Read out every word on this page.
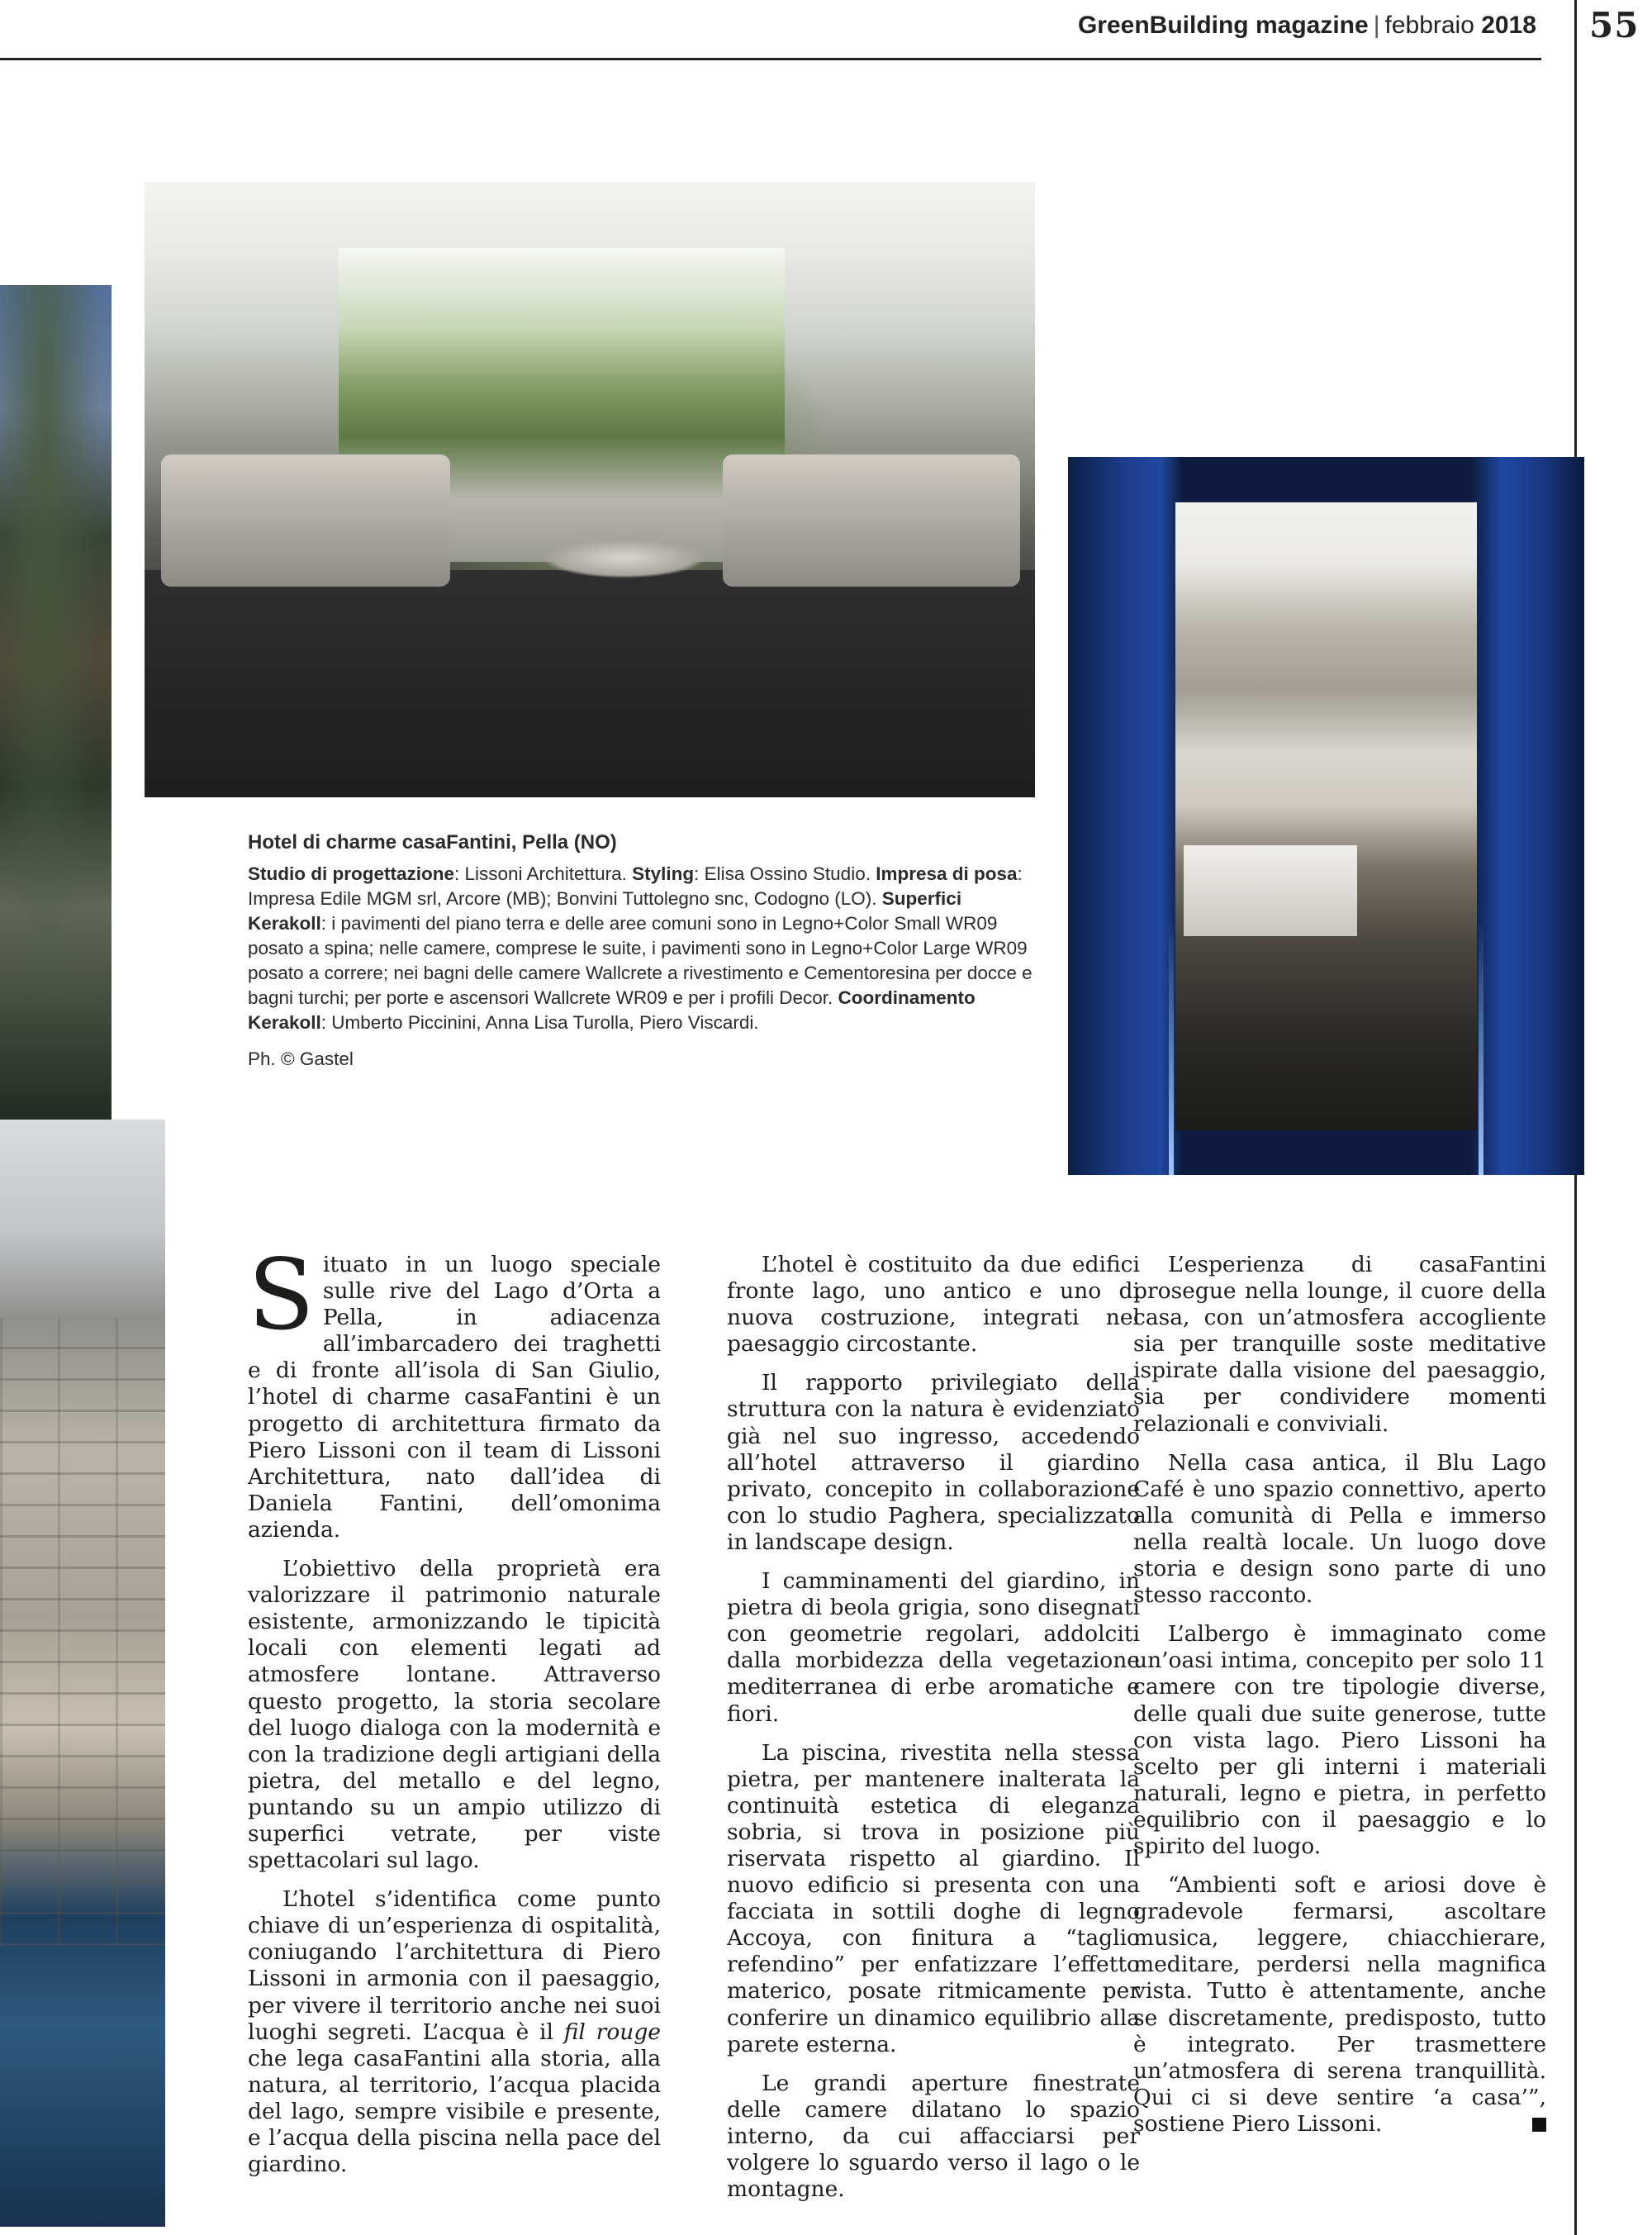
GreenBuilding magazine | febbraio 2018 55
Hotel di charme casaFantini, Pella (NO)
Studio di progettazione: Lissoni Architettura. Styling: Elisa Ossino Studio. Impresa di posa: Impresa Edile MGM srl, Arcore (MB); Bonvini Tuttolegno snc, Codogno (LO). Superfici Kerakoll: i pavimenti del piano terra e delle aree comuni sono in Legno+Color Small WR09 posato a spina; nelle camere, comprese le suite, i pavimenti sono in Legno+Color Large WR09 posato a correre; nei bagni delle camere Wallcrete a rivestimento e Cementoresina per docce e bagni turchi; per porte e ascensori Wallcrete WR09 e per i profili Decor. Coordinamento Kerakoll: Umberto Piccinini, Anna Lisa Turolla, Piero Viscardi.
Ph. © Gastel

Situato in un luogo speciale sulle rive del Lago d’Orta a Pella, in adiacenza all’imbarcadero dei traghetti e di fronte all’isola di San Giulio, l’hotel di charme casaFantini è un progetto di architettura firmato da Piero Lissoni con il team di Lissoni Architettura, nato dall’idea di Daniela Fantini, dell’omonima azienda.

L’obiettivo della proprietà era valorizzare il patrimonio naturale esistente, armonizzando le tipicità locali con elementi legati ad atmosfere lontane. Attraverso questo progetto, la storia secolare del luogo dialoga con la modernità e con la tradizione degli artigiani della pietra, del metallo e del legno, puntando su un ampio utilizzo di superfici vetrate, per viste spettacolari sul lago.

L’hotel s’identifica come punto chiave di un’esperienza di ospitalità, coniugando l’architettura di Piero Lissoni in armonia con il paesaggio, per vivere il territorio anche nei suoi luoghi segreti. L’acqua è il fil rouge che lega casaFantini alla storia, alla natura, al territorio, l’acqua placida del lago, sempre visibile e presente, e l’acqua della piscina nella pace del giardino.

L’hotel è costituito da due edifici fronte lago, uno antico e uno di nuova costruzione, integrati nel paesaggio circostante.

Il rapporto privilegiato della struttura con la natura è evidenziato già nel suo ingresso, accedendo all’hotel attraverso il giardino privato, concepito in collaborazione con lo studio Paghera, specializzato in landscape design.

I camminamenti del giardino, in pietra di beola grigia, sono disegnati con geometrie regolari, addolciti dalla morbidezza della vegetazione mediterranea di erbe aromatiche e fiori.

La piscina, rivestita nella stessa pietra, per mantenere inalterata la continuità estetica di eleganza sobria, si trova in posizione più riservata rispetto al giardino. Il nuovo edificio si presenta con una facciata in sottili doghe di legno Accoya, con finitura a “taglio refendino” per enfatizzare l’effetto materico, posate ritmicamente per conferire un dinamico equilibrio alla parete esterna.

Le grandi aperture finestrate delle camere dilatano lo spazio interno, da cui affacciarsi per volgere lo sguardo verso il lago o le montagne.

L’esperienza di casaFantini prosegue nella lounge, il cuore della casa, con un’atmosfera accogliente sia per tranquille soste meditative ispirate dalla visione del paesaggio, sia per condividere momenti relazionali e conviviali.

Nella casa antica, il Blu Lago Café è uno spazio connettivo, aperto alla comunità di Pella e immerso nella realtà locale. Un luogo dove storia e design sono parte di uno stesso racconto.

L’albergo è immaginato come un’oasi intima, concepito per solo 11 camere con tre tipologie diverse, delle quali due suite generose, tutte con vista lago. Piero Lissoni ha scelto per gli interni i materiali naturali, legno e pietra, in perfetto equilibrio con il paesaggio e lo spirito del luogo.

“Ambienti soft e ariosi dove è gradevole fermarsi, ascoltare musica, leggere, chiacchierare, meditare, perdersi nella magnifica vista. Tutto è attentamente, anche se discretamente, predisposto, tutto è integrato. Per trasmettere un’atmosfera di serena tranquillità. Qui ci si deve sentire ‘a casa’”, sostiene Piero Lissoni.
